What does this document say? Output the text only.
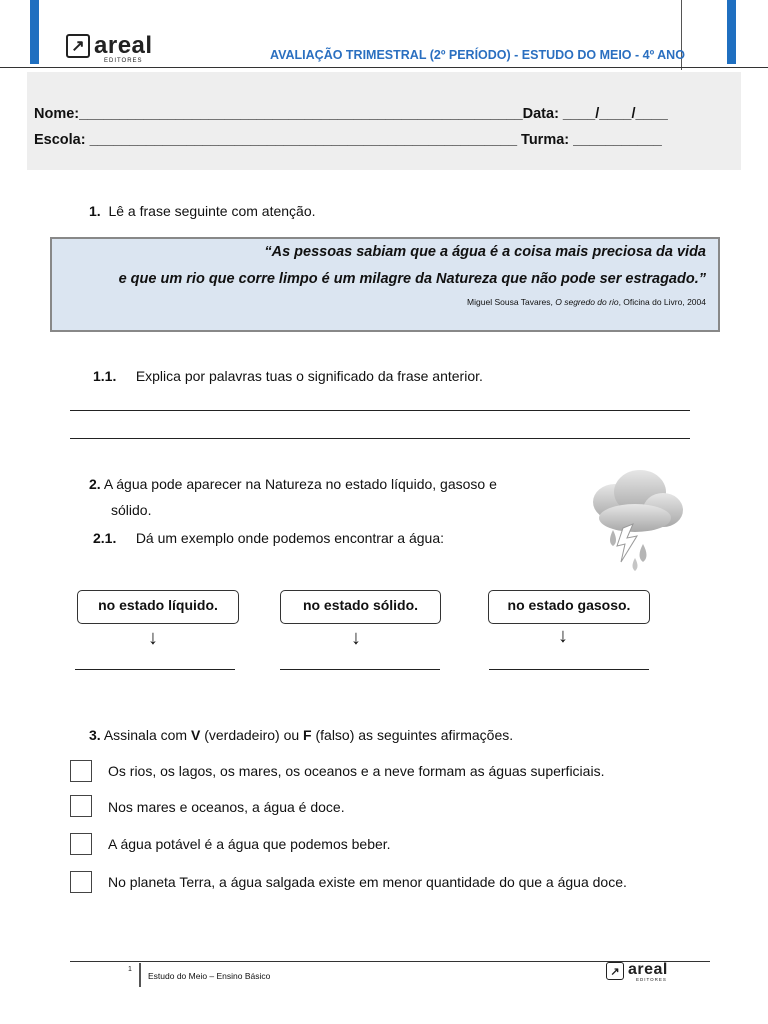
↗ areal
EDITORES	AVALIAÇÃO TRIMESTRAL (2º PERÍODO) - ESTUDO DO MEIO - 4º ANO
Nome:_______________________________________________________Data: ____/____/____
Escola: _____________________________________________________ Turma: ___________
1. Lê a frase seguinte com atenção.
“As pessoas sabiam que a água é a coisa mais preciosa da vida
e que um rio que corre limpo é um milagre da Natureza que não pode ser estragado.”
Miguel Sousa Tavares, O segredo do rio, Oficina do Livro, 2004
1.1. Explica por palavras tuas o significado da frase anterior.
2. A água pode aparecer na Natureza no estado líquido, gasoso e
sólido.
2.1. Dá um exemplo onde podemos encontrar a água:
no estado líquido.	no estado sólido.	no estado gasoso.
↓	↓	↓
3. Assinala com V (verdadeiro) ou F (falso) as seguintes afirmações.
Os rios, os lagos, os mares, os oceanos e a neve formam as águas superficiais.
Nos mares e oceanos, a água é doce.
A água potável é a água que podemos beber.
No planeta Terra, a água salgada existe em menor quantidade do que a água doce.
1
Estudo do Meio – Ensino Básico	↗ areal
EDITORES
